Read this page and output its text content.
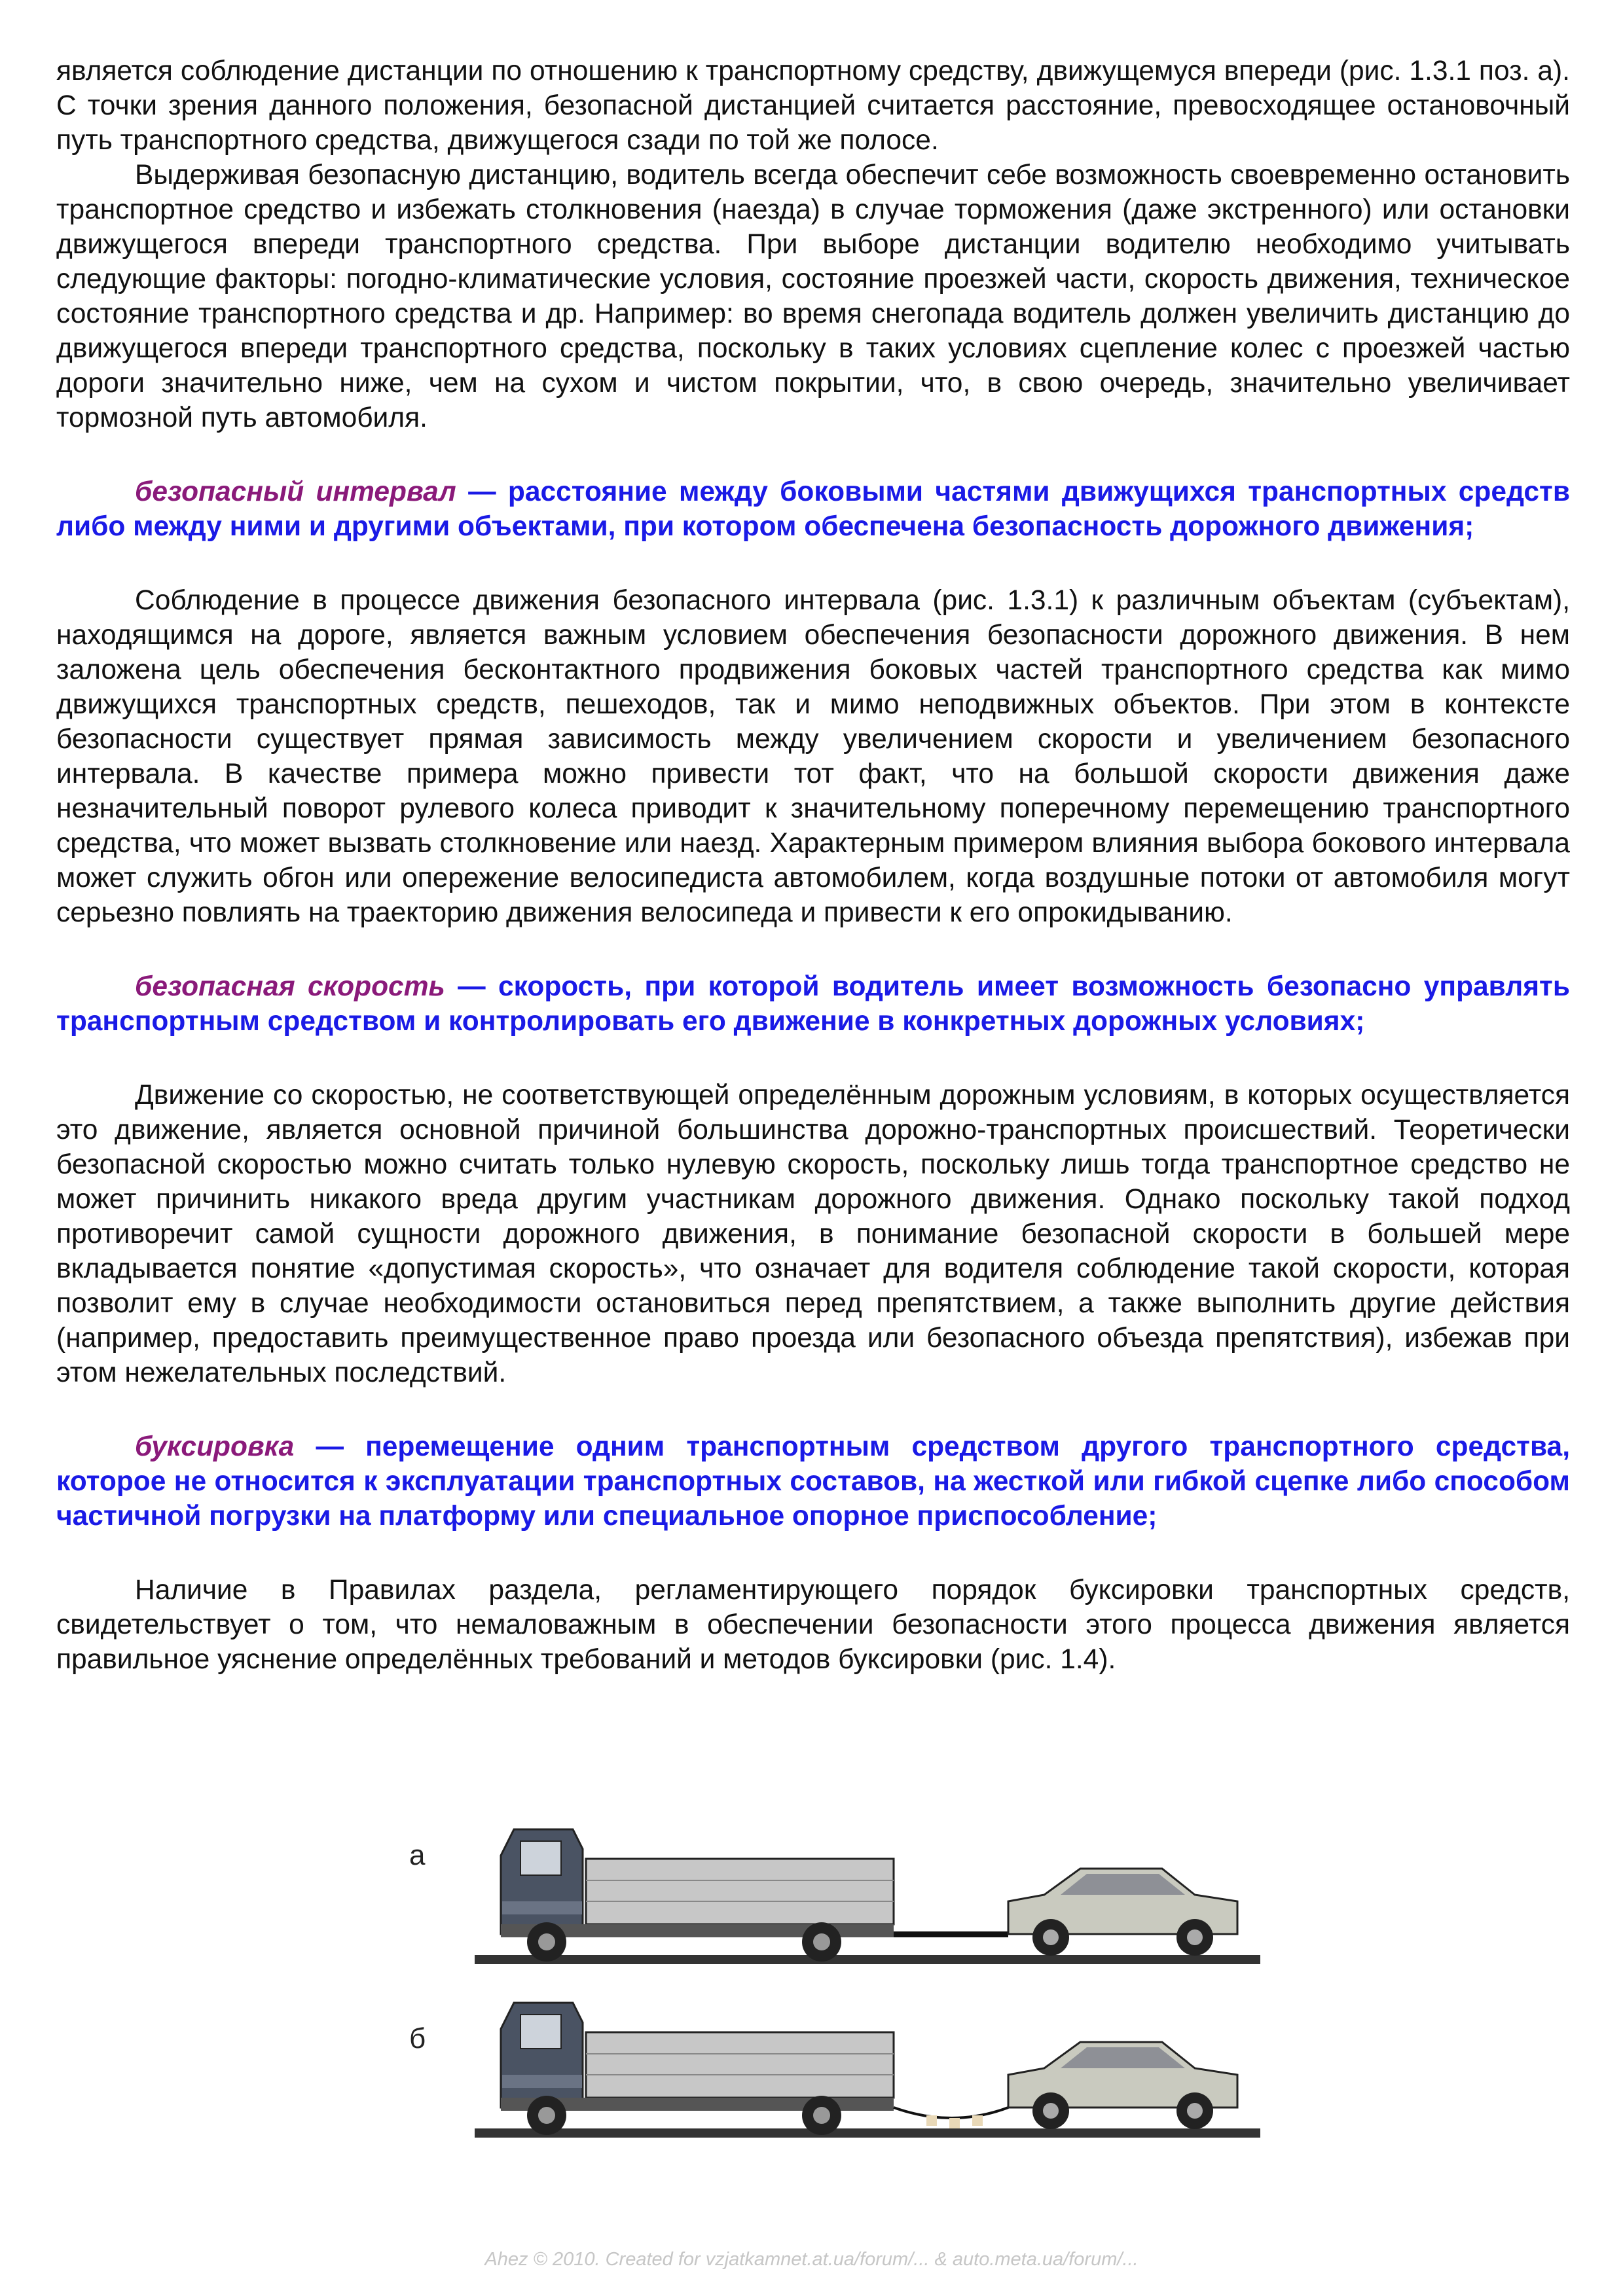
является соблюдение дистанции по отношению к транспортному средству, движущемуся впереди (рис. 1.3.1 поз. а). С точки зрения данного положения, безопасной дистанцией считается расстояние, превосходящее остановочный путь транспортного средства, движущегося сзади по той же полосе.

Выдерживая безопасную дистанцию, водитель всегда обеспечит себе возможность своевременно остановить транспортное средство и избежать столкновения (наезда) в случае торможения (даже экстренного) или остановки движущегося впереди транспортного средства. При выборе дистанции водителю необходимо учитывать следующие факторы: погодно-климатические условия, состояние проезжей части, скорость движения, техническое состояние транспортного средства и др. Например: во время снегопада водитель должен увеличить дистанцию до движущегося впереди транспортного средства, поскольку в таких условиях сцепление колес с проезжей частью дороги значительно ниже, чем на сухом и чистом покрытии, что, в свою очередь, значительно увеличивает тормозной путь автомобиля.

безопасный интервал — расстояние между боковыми частями движущихся транспортных средств либо между ними и другими объектами, при котором обеспечена безопасность дорожного движения;

Соблюдение в процессе движения безопасного интервала (рис. 1.3.1) к различным объектам (субъектам), находящимся на дороге, является важным условием обеспечения безопасности дорожного движения. В нем заложена цель обеспечения бесконтактного продвижения боковых частей транспортного средства как мимо движущихся транспортных средств, пешеходов, так и мимо неподвижных объектов. При этом в контексте безопасности существует прямая зависимость между увеличением скорости и увеличением безопасного интервала. В качестве примера можно привести тот факт, что на большой скорости движения даже незначительный поворот рулевого колеса приводит к значительному поперечному перемещению транспортного средства, что может вызвать столкновение или наезд. Характерным примером влияния выбора бокового интервала может служить обгон или опережение велосипедиста автомобилем, когда воздушные потоки от автомобиля могут серьезно повлиять на траекторию движения велосипеда и привести к его опрокидыванию.

безопасная скорость — скорость, при которой водитель имеет возможность безопасно управлять транспортным средством и контролировать его движение в конкретных дорожных условиях;

Движение со скоростью, не соответствующей определённым дорожным условиям, в которых осуществляется это движение, является основной причиной большинства дорожно-транспортных происшествий. Теоретически безопасной скоростью можно считать только нулевую скорость, поскольку лишь тогда транспортное средство не может причинить никакого вреда другим участникам дорожного движения. Однако поскольку такой подход противоречит самой сущности дорожного движения, в понимание безопасной скорости в большей мере вкладывается понятие «допустимая скорость», что означает для водителя соблюдение такой скорости, которая позволит ему в случае необходимости остановиться перед препятствием, а также выполнить другие действия (например, предоставить преимущественное право проезда или безопасного объезда препятствия), избежав при этом нежелательных последствий.

буксировка — перемещение одним транспортным средством другого транспортного средства, которое не относится к эксплуатации транспортных составов, на жесткой или гибкой сцепке либо способом частичной погрузки на платформу или специальное опорное приспособление;

Наличие в Правилах раздела, регламентирующего порядок буксировки транспортных средств, свидетельствует о том, что немаловажным в обеспечении безопасности этого процесса движения является правильное уяснение определённых требований и методов буксировки (рис. 1.4).

а
б
Ahez © 2010. Created for vzjatkamnet.at.ua/forum/... & auto.meta.ua/forum/...
